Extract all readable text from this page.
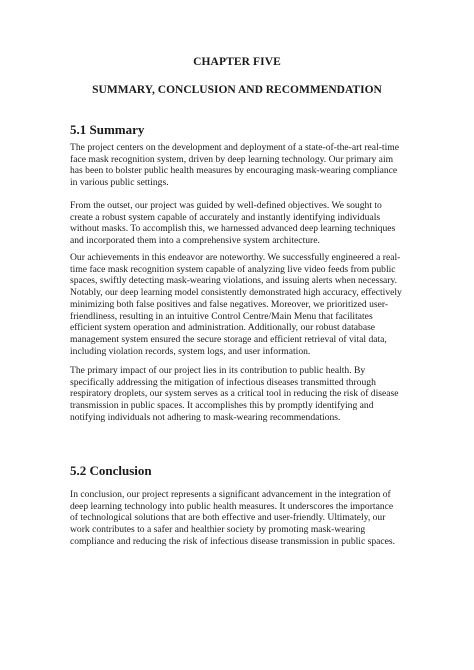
CHAPTER FIVE
SUMMARY, CONCLUSION AND RECOMMENDATION
5.1 Summary

The project centers on the development and deployment of a state-of-the-art real-time
face mask recognition system, driven by deep learning technology. Our primary aim
has been to bolster public health measures by encouraging mask-wearing compliance
in various public settings.

From the outset, our project was guided by well-defined objectives. We sought to
create a robust system capable of accurately and instantly identifying individuals
without masks. To accomplish this, we harnessed advanced deep learning techniques
and incorporated them into a comprehensive system architecture.

Our achievements in this endeavor are noteworthy. We successfully engineered a real-
time face mask recognition system capable of analyzing live video feeds from public
spaces, swiftly detecting mask-wearing violations, and issuing alerts when necessary.
Notably, our deep learning model consistently demonstrated high accuracy, effectively
minimizing both false positives and false negatives. Moreover, we prioritized user-
friendliness, resulting in an intuitive Control Centre/Main Menu that facilitates
efficient system operation and administration. Additionally, our robust database
management system ensured the secure storage and efficient retrieval of vital data,
including violation records, system logs, and user information.

The primary impact of our project lies in its contribution to public health. By
specifically addressing the mitigation of infectious diseases transmitted through
respiratory droplets, our system serves as a critical tool in reducing the risk of disease
transmission in public spaces. It accomplishes this by promptly identifying and
notifying individuals not adhering to mask-wearing recommendations.

5.2 Conclusion

In conclusion, our project represents a significant advancement in the integration of
deep learning technology into public health measures. It underscores the importance
of technological solutions that are both effective and user-friendly. Ultimately, our
work contributes to a safer and healthier society by promoting mask-wearing
compliance and reducing the risk of infectious disease transmission in public spaces.
